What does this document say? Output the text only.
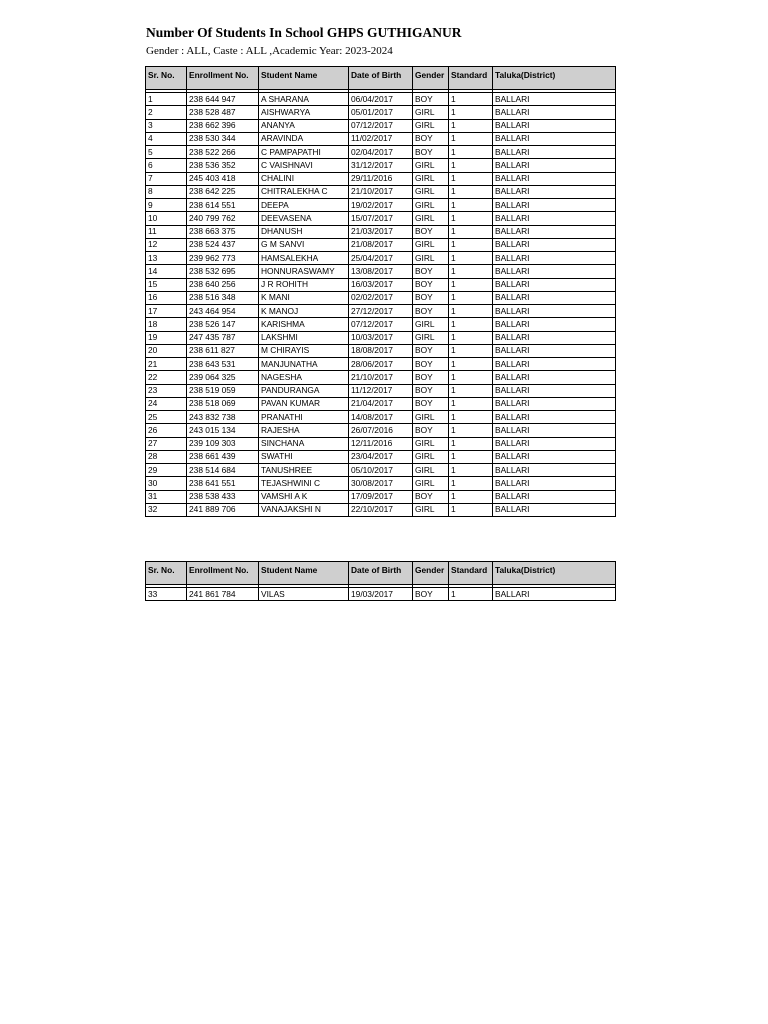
Number Of Students In School GHPS GUTHIGANUR
Gender : ALL, Caste : ALL ,Academic Year: 2023-2024
Sr. No.	Enrollment No.	Student Name	Date of Birth	Gender	Standard	Taluka(District)

1	238 644 947	A SHARANA	06/04/2017	BOY	1	BALLARI
2	238 528 487	AISHWARYA	05/01/2017	GIRL	1	BALLARI
3	238 662 396	ANANYA	07/12/2017	GIRL	1	BALLARI
4	238 530 344	ARAVINDA	11/02/2017	BOY	1	BALLARI
5	238 522 266	C PAMPAPATHI	02/04/2017	BOY	1	BALLARI
6	238 536 352	C VAISHNAVI	31/12/2017	GIRL	1	BALLARI
7	245 403 418	CHALINI	29/11/2016	GIRL	1	BALLARI
8	238 642 225	CHITRALEKHA C	21/10/2017	GIRL	1	BALLARI
9	238 614 551	DEEPA	19/02/2017	GIRL	1	BALLARI
10	240 799 762	DEEVASENA	15/07/2017	GIRL	1	BALLARI
11	238 663 375	DHANUSH	21/03/2017	BOY	1	BALLARI
12	238 524 437	G M SANVI	21/08/2017	GIRL	1	BALLARI
13	239 962 773	HAMSALEKHA	25/04/2017	GIRL	1	BALLARI
14	238 532 695	HONNURASWAMY	13/08/2017	BOY	1	BALLARI
15	238 640 256	J R ROHITH	16/03/2017	BOY	1	BALLARI
16	238 516 348	K MANI	02/02/2017	BOY	1	BALLARI
17	243 464 954	K MANOJ	27/12/2017	BOY	1	BALLARI
18	238 526 147	KARISHMA	07/12/2017	GIRL	1	BALLARI
19	247 435 787	LAKSHMI	10/03/2017	GIRL	1	BALLARI
20	238 611 827	M CHIRAYIS	18/08/2017	BOY	1	BALLARI
21	238 643 531	MANJUNATHA	28/06/2017	BOY	1	BALLARI
22	239 064 325	NAGESHA	21/10/2017	BOY	1	BALLARI
23	238 519 059	PANDURANGA	11/12/2017	BOY	1	BALLARI
24	238 518 069	PAVAN KUMAR	21/04/2017	BOY	1	BALLARI
25	243 832 738	PRANATHI	14/08/2017	GIRL	1	BALLARI
26	243 015 134	RAJESHA	26/07/2016	BOY	1	BALLARI
27	239 109 303	SINCHANA	12/11/2016	GIRL	1	BALLARI
28	238 661 439	SWATHI	23/04/2017	GIRL	1	BALLARI
29	238 514 684	TANUSHREE	05/10/2017	GIRL	1	BALLARI
30	238 641 551	TEJASHWINI C	30/08/2017	GIRL	1	BALLARI
31	238 538 433	VAMSHI A K	17/09/2017	BOY	1	BALLARI
32	241 889 706	VANAJAKSHI N	22/10/2017	GIRL	1	BALLARI
Sr. No.	Enrollment No.	Student Name	Date of Birth	Gender	Standard	Taluka(District)

33	241 861 784	VILAS	19/03/2017	BOY	1	BALLARI
